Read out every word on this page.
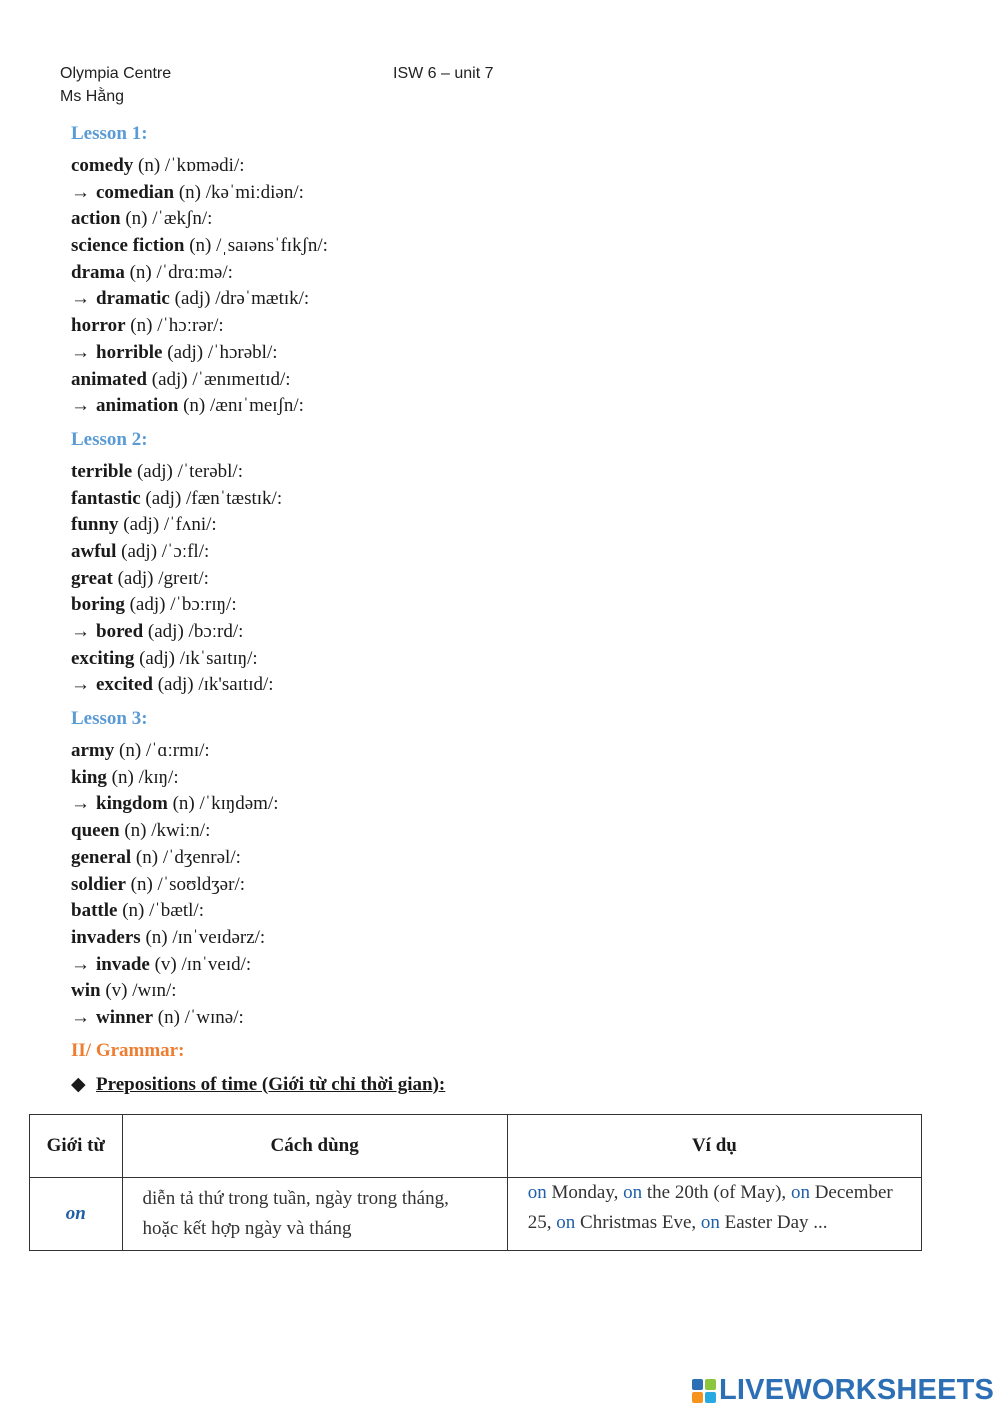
Olympia Centre
Ms Hằng
ISW 6 – unit 7
Lesson 1:
comedy (n) /ˈkɒmədi/:
→ comedian (n) /kəˈmiːdiən/:
action (n) /ˈækʃn/:
science fiction (n) /ˌsaɪənsˈfɪkʃn/:
drama (n) /ˈdrɑːmə/:
→ dramatic (adj) /drəˈmætɪk/:
horror (n) /ˈhɔːrər/:
→ horrible (adj) /ˈhɔrəbl/:
animated (adj) /ˈænɪmeɪtɪd/:
→ animation (n) /ænɪˈmeɪʃn/:
Lesson 2:
terrible (adj) /ˈterəbl/:
fantastic (adj) /fænˈtæstɪk/:
funny (adj) /ˈfʌni/:
awful (adj) /ˈɔːfl/:
great (adj) /greɪt/:
boring (adj) /ˈbɔːrɪŋ/:
→ bored (adj) /bɔːrd/:
exciting (adj) /ɪkˈsaɪtɪŋ/:
→ excited (adj) /ɪk'saɪtɪd/:
Lesson 3:
army (n) /ˈɑːrmɪ/:
king (n) /kɪŋ/:
→ kingdom (n) /ˈkɪŋdəm/:
queen (n) /kwiːn/:
general (n) /ˈdʒenrəl/:
soldier (n) /ˈsoʊldʒər/:
battle (n) /ˈbætl/:
invaders (n) /ɪnˈveɪdərz/:
→ invade (v) /ɪnˈveɪd/:
win (v) /wɪn/:
→ winner (n) /ˈwɪnə/:
II/ Grammar:
◆ Prepositions of time (Giới từ chỉ thời gian):
Giới từ	Cách dùng	Ví dụ
on	diễn tả thứ trong tuần, ngày trong tháng, hoặc kết hợp ngày và tháng	on Monday, on the 20th (of May), on December 25, on Christmas Eve, on Easter Day ...
LIVEWORKSHEETS
